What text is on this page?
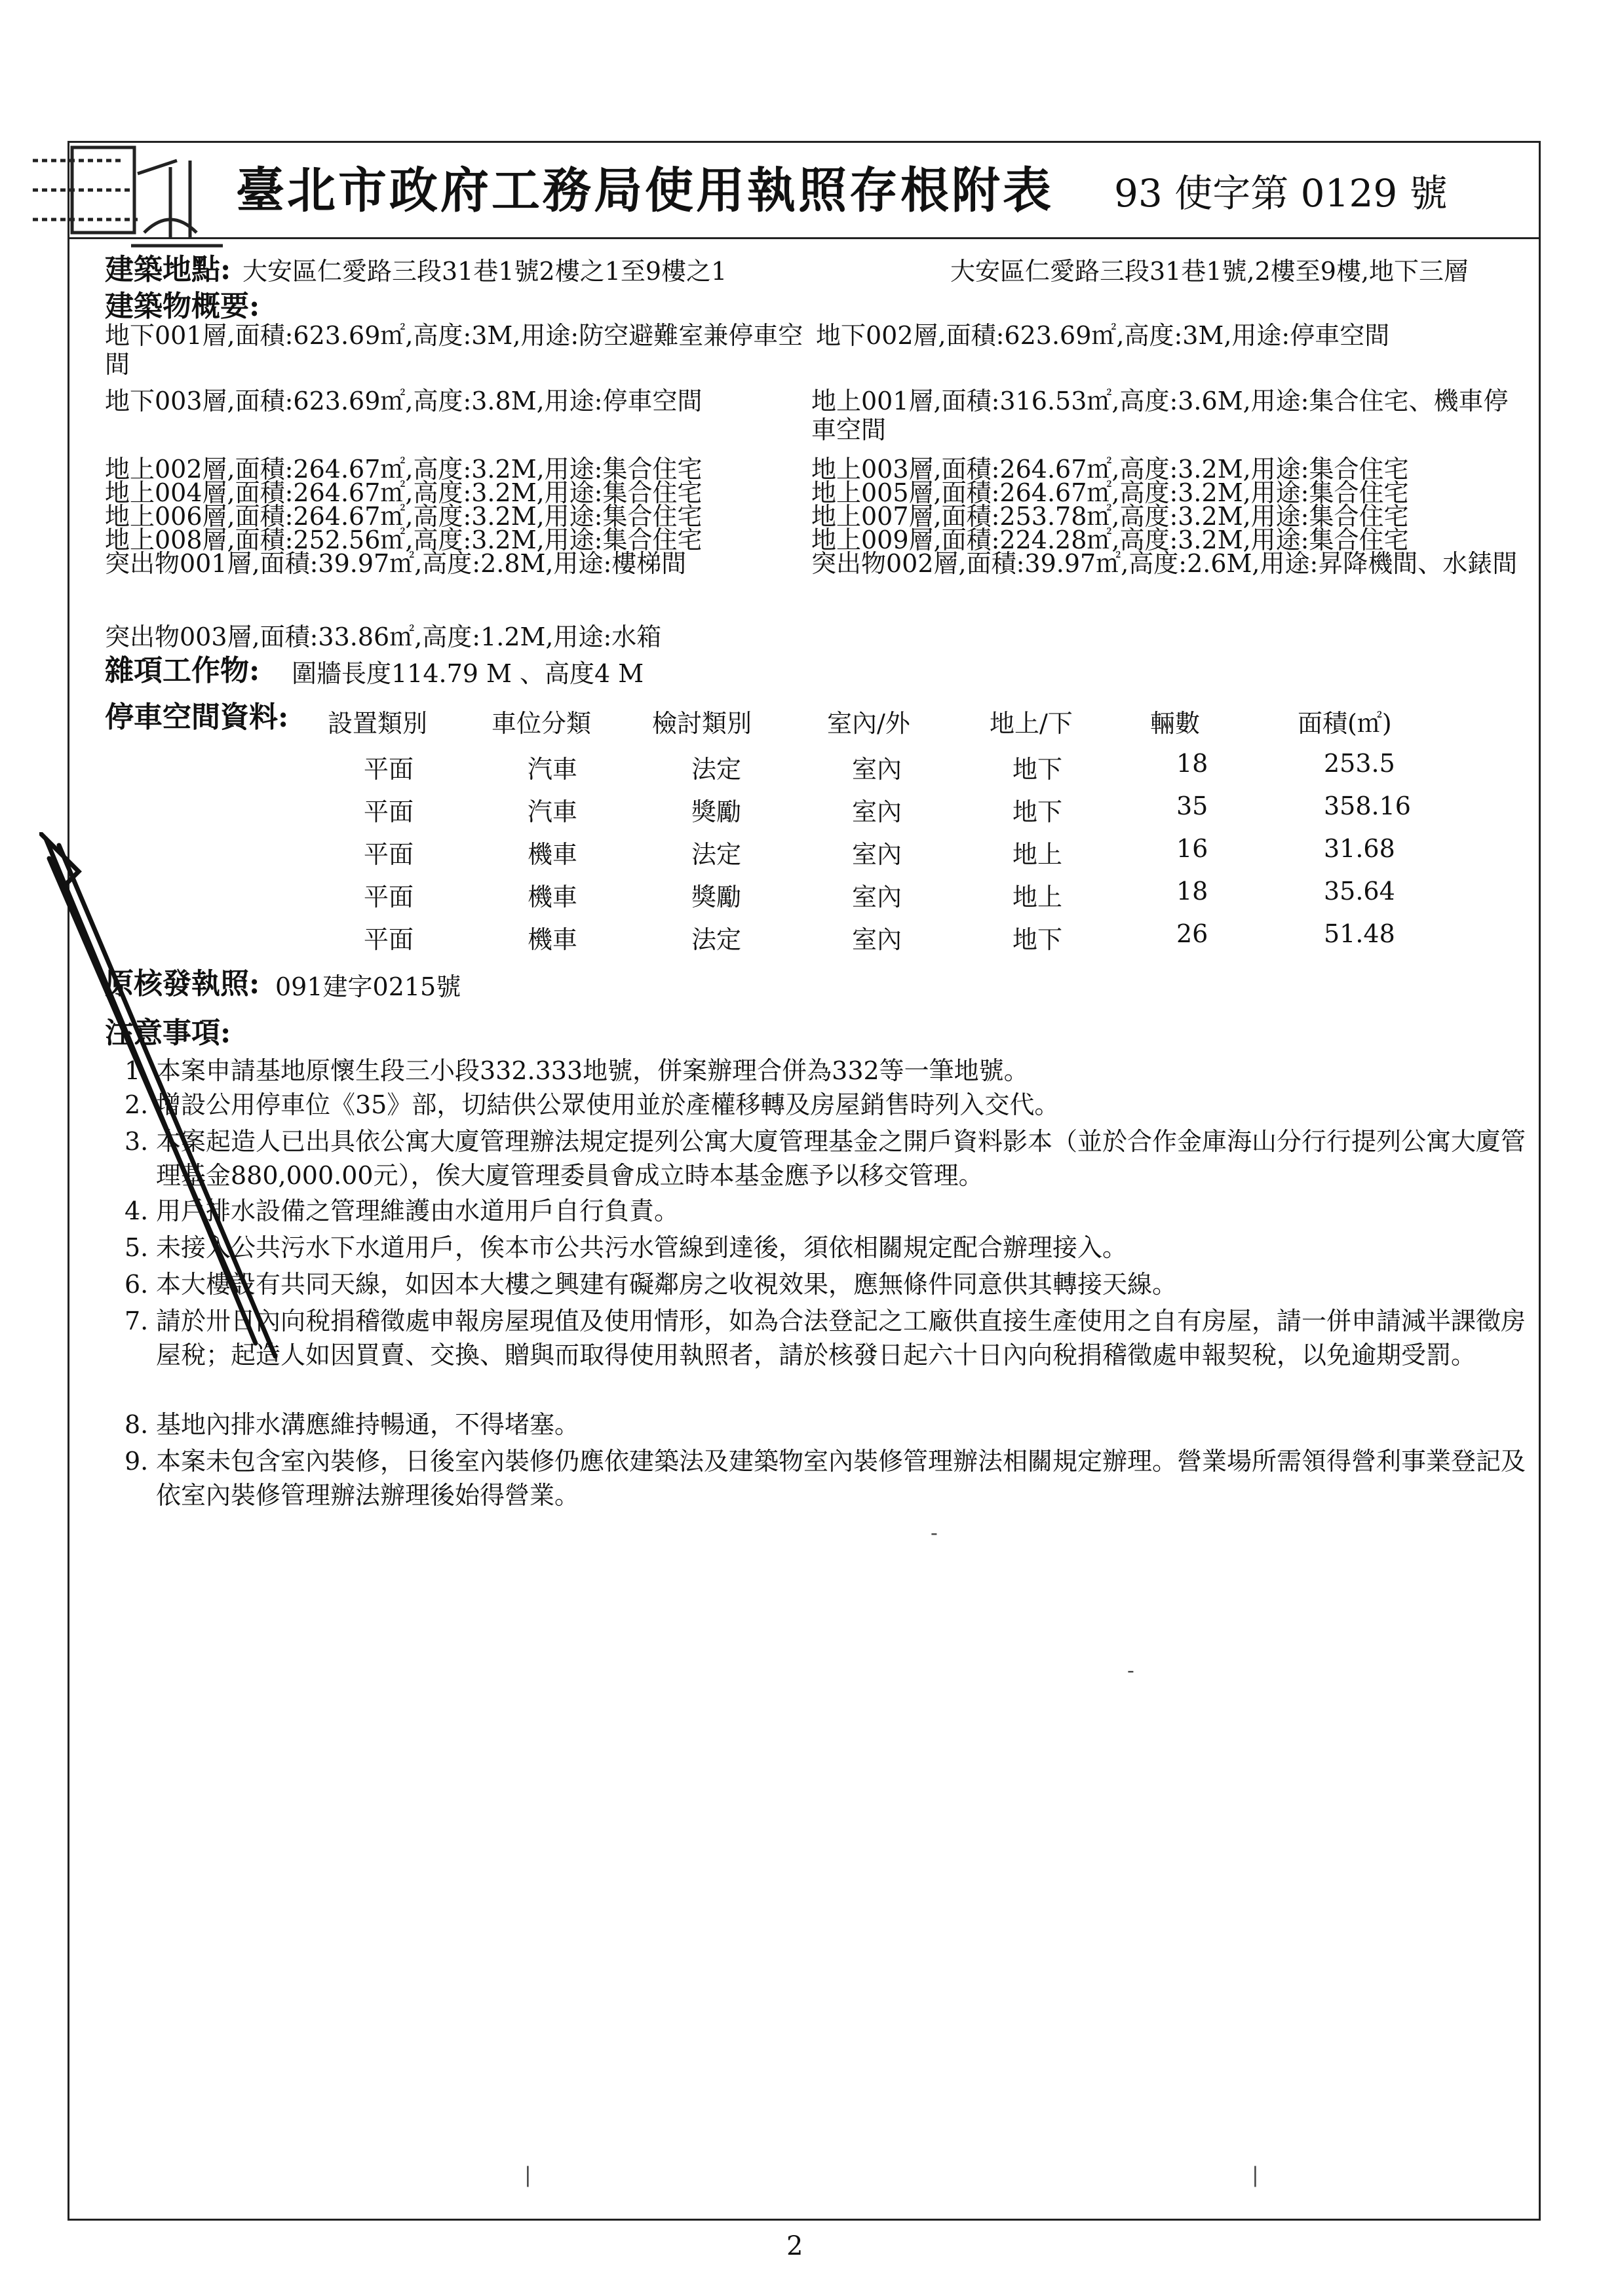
臺北市政府工務局使用執照存根附表 93 使字第 0129 號
建築地點: 大安區仁愛路三段31巷1號2樓之1至9樓之1	大安區仁愛路三段31巷1號,2樓至9樓,地下三層
建築物概要:
地下001層,面積:623.69㎡,高度:3M,用途:防空避難室兼停車空間
地下002層,面積:623.69㎡,高度:3M,用途:停車空間
地下003層,面積:623.69㎡,高度:3.8M,用途:停車空間	地上001層,面積:316.53㎡,高度:3.6M,用途:集合住宅、機車停車空間
地上002層,面積:264.67㎡,高度:3.2M,用途:集合住宅	地上003層,面積:264.67㎡,高度:3.2M,用途:集合住宅
地上004層,面積:264.67㎡,高度:3.2M,用途:集合住宅	地上005層,面積:264.67㎡,高度:3.2M,用途:集合住宅
地上006層,面積:264.67㎡,高度:3.2M,用途:集合住宅	地上007層,面積:253.78㎡,高度:3.2M,用途:集合住宅
地上008層,面積:252.56㎡,高度:3.2M,用途:集合住宅	地上009層,面積:224.28㎡,高度:3.2M,用途:集合住宅
突出物001層,面積:39.97㎡,高度:2.8M,用途:樓梯間	突出物002層,面積:39.97㎡,高度:2.6M,用途:昇降機間、水錶間
突出物003層,面積:33.86㎡,高度:1.2M,用途:水箱
雜項工作物: 圍牆長度114.79 M 、高度4 M
停車空間資料: 設置類別	車位分類 檢討類別	室內/外	地上/下	輛數	面積(㎡)
平面	汽車	法定	室內	地下	18	253.5
平面	汽車	獎勵	室內	地下	35	358.16
平面	機車	法定	室內	地上	16	31.68
平面	機車	獎勵	室內	地上	18	35.64
平面	機車	法定	室內	地下	26	51.48
原核發執照: 091建字0215號
注意事項:
1. 本案申請基地原懷生段三小段332.333地號，併案辦理合併為332等一筆地號。
2. 增設公用停車位《35》部，切結供公眾使用並於產權移轉及房屋銷售時列入交代。
3. 本案起造人已出具依公寓大廈管理辦法規定提列公寓大廈管理基金之開戶資料影本（並於合作金庫海山分行行提列公寓大廈管理基金880,000.00元），俟大廈管理委員會成立時本基金應予以移交管理。
4. 用戶排水設備之管理維護由水道用戶自行負責。
5. 未接入公共污水下水道用戶，俟本市公共污水管線到達後，須依相關規定配合辦理接入。
6. 本大樓設有共同天線，如因本大樓之興建有礙鄰房之收視效果，應無條件同意供其轉接天線。
7. 請於卅日內向稅捐稽徵處申報房屋現值及使用情形，如為合法登記之工廠供直接生產使用之自有房屋，請一併申請減半課徵房屋稅；起造人如因買賣、交換、贈與而取得使用執照者，請於核發日起六十日內向稅捐稽徵處申報契稅，以免逾期受罰。
8. 基地內排水溝應維持暢通，不得堵塞。
9. 本案未包含室內裝修，日後室內裝修仍應依建築法及建築物室內裝修管理辦法相關規定辦理。營業場所需領得營利事業登記及依室內裝修管理辦法辦理後始得營業。
|	|
-
-
2
